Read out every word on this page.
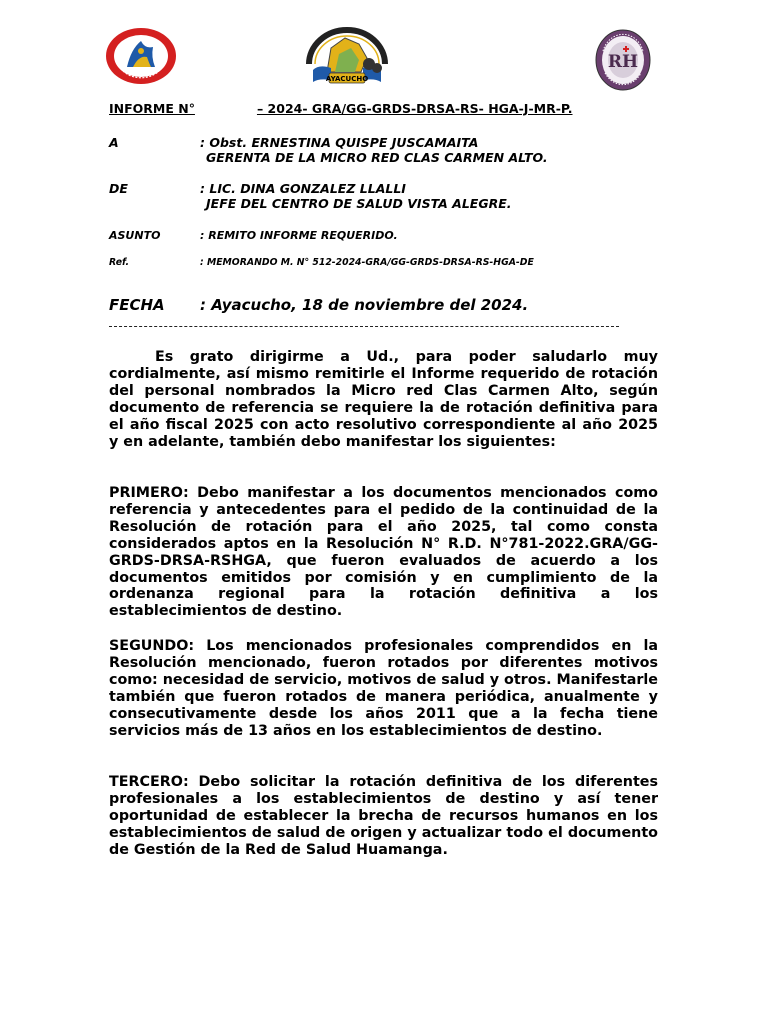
AYACUCHO
RH
INFORME N°	– 2024- GRA/GG-GRDS-DRSA-RS- HGA-J-MR-P.
A	: Obst. ERNESTINA QUISPE JUSCAMAITA
GERENTA DE LA MICRO RED CLAS CARMEN ALTO.
DE	: LIC. DINA GONZALEZ LLALLI
JEFE DEL CENTRO DE SALUD VISTA ALEGRE.
ASUNTO	: REMITO INFORME REQUERIDO.
Ref.	: MEMORANDO M. N° 512-2024-GRA/GG-GRDS-DRSA-RS-HGA-DE
FECHA : Ayacucho, 18 de noviembre del 2024.
Es grato dirigirme a Ud., para poder saludarlo muy cordialmente, así mismo remitirle el Informe requerido de rotación del personal nombrados la Micro red Clas Carmen Alto, según documento de referencia se requiere la de rotación definitiva para el año fiscal 2025 con acto resolutivo correspondiente al año 2025 y en adelante, también debo manifestar los siguientes:
PRIMERO: Debo manifestar a los documentos mencionados como referencia y antecedentes para el pedido de la continuidad de la Resolución de rotación para el año 2025, tal como consta considerados aptos en la Resolución N° R.D. N°781-2022.GRA/GG-GRDS-DRSA-RSHGA, que fueron evaluados de acuerdo a los documentos emitidos por comisión y en cumplimiento de la ordenanza regional para la rotación definitiva a los establecimientos de destino.
SEGUNDO: Los mencionados profesionales comprendidos en la Resolución mencionado, fueron rotados por diferentes motivos como: necesidad de servicio, motivos de salud y otros. Manifestarle también que fueron rotados de manera periódica, anualmente y consecutivamente desde los años 2011 que a la fecha tiene servicios más de 13 años en los establecimientos de destino.
TERCERO: Debo solicitar la rotación definitiva de los diferentes profesionales a los establecimientos de destino y así tener oportunidad de establecer la brecha de recursos humanos en los establecimientos de salud de origen y actualizar todo el documento de Gestión de la Red de Salud Huamanga.
